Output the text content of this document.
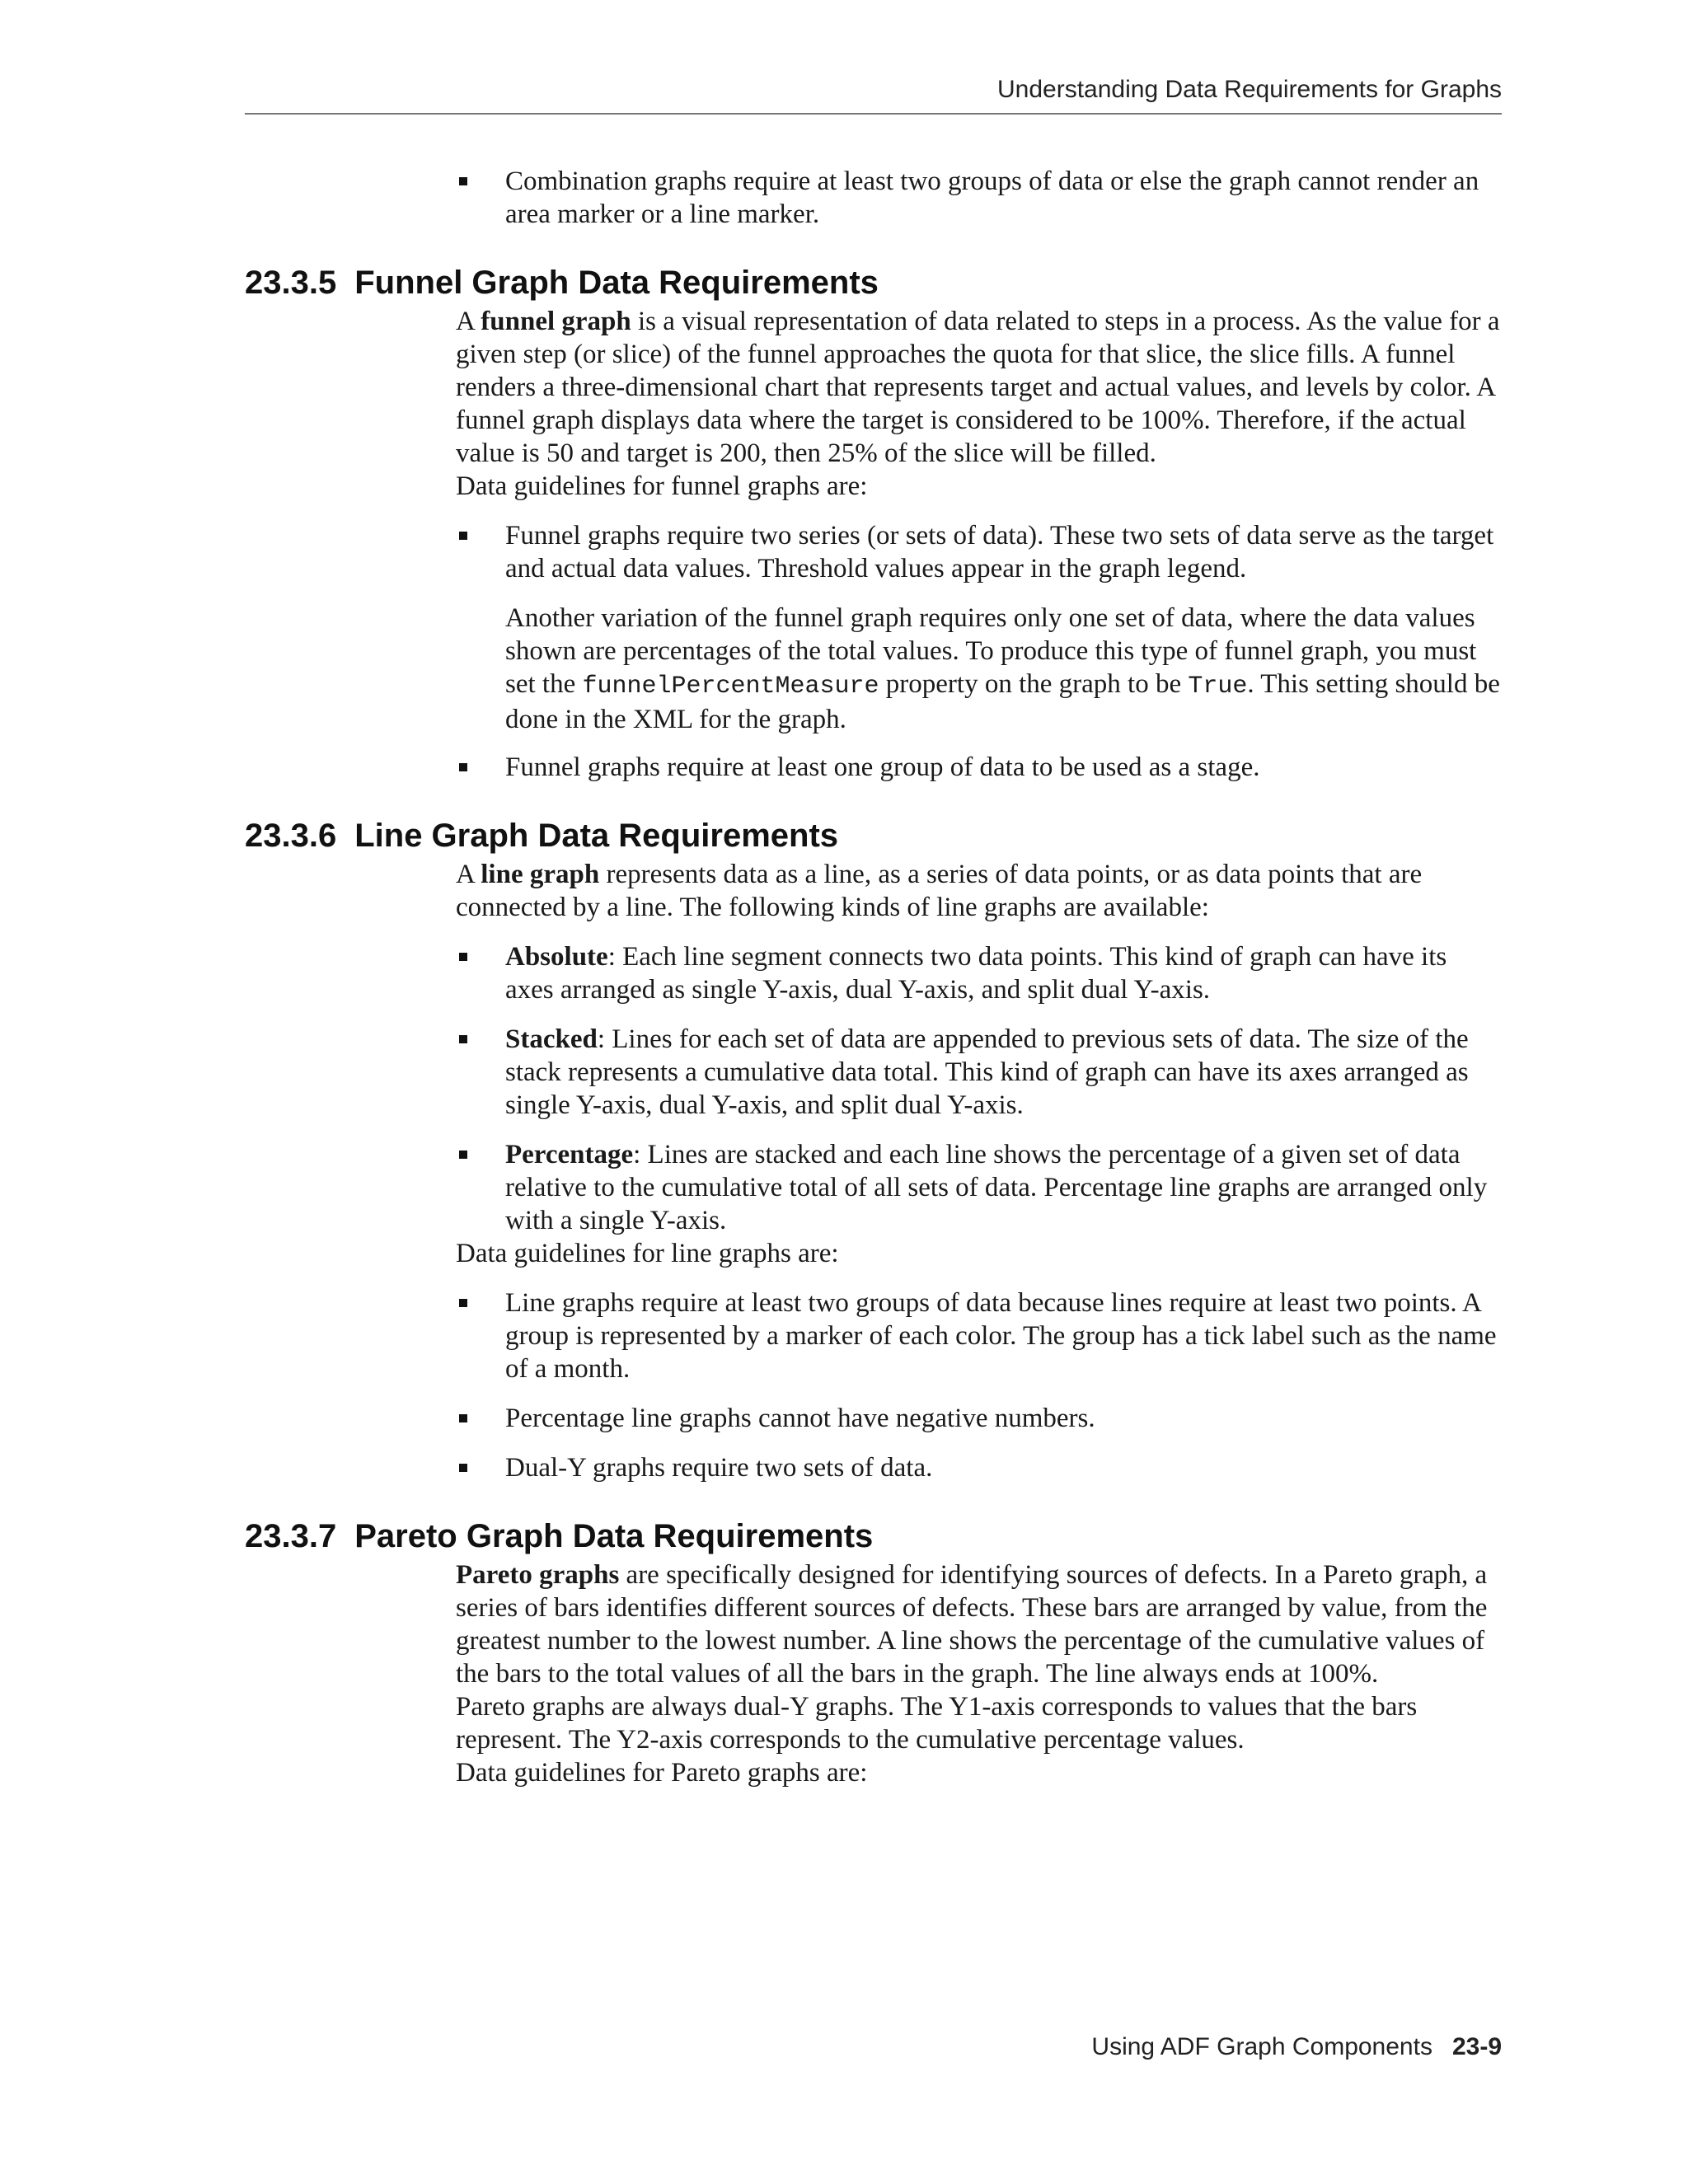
Understanding Data Requirements for Graphs
Combination graphs require at least two groups of data or else the graph cannot render an area marker or a line marker.
23.3.5 Funnel Graph Data Requirements

A funnel graph is a visual representation of data related to steps in a process. As the value for a given step (or slice) of the funnel approaches the quota for that slice, the slice fills. A funnel renders a three-dimensional chart that represents target and actual values, and levels by color. A funnel graph displays data where the target is considered to be 100%. Therefore, if the actual value is 50 and target is 200, then 25% of the slice will be filled.

Data guidelines for funnel graphs are:

Funnel graphs require two series (or sets of data). These two sets of data serve as the target and actual data values. Threshold values appear in the graph legend.
Another variation of the funnel graph requires only one set of data, where the data values shown are percentages of the total values. To produce this type of funnel graph, you must set the funnelPercentMeasure property on the graph to be True. This setting should be done in the XML for the graph.
Funnel graphs require at least one group of data to be used as a stage.
23.3.6 Line Graph Data Requirements

A line graph represents data as a line, as a series of data points, or as data points that are connected by a line. The following kinds of line graphs are available:

Absolute: Each line segment connects two data points. This kind of graph can have its axes arranged as single Y-axis, dual Y-axis, and split dual Y-axis.
Stacked: Lines for each set of data are appended to previous sets of data. The size of the stack represents a cumulative data total. This kind of graph can have its axes arranged as single Y-axis, dual Y-axis, and split dual Y-axis.
Percentage: Lines are stacked and each line shows the percentage of a given set of data relative to the cumulative total of all sets of data. Percentage line graphs are arranged only with a single Y-axis.

Data guidelines for line graphs are:

Line graphs require at least two groups of data because lines require at least two points. A group is represented by a marker of each color. The group has a tick label such as the name of a month.
Percentage line graphs cannot have negative numbers.
Dual-Y graphs require two sets of data.
23.3.7 Pareto Graph Data Requirements

Pareto graphs are specifically designed for identifying sources of defects. In a Pareto graph, a series of bars identifies different sources of defects. These bars are arranged by value, from the greatest number to the lowest number. A line shows the percentage of the cumulative values of the bars to the total values of all the bars in the graph. The line always ends at 100%.

Pareto graphs are always dual-Y graphs. The Y1-axis corresponds to values that the bars represent. The Y2-axis corresponds to the cumulative percentage values.

Data guidelines for Pareto graphs are:

Using ADF Graph Components 23-9
